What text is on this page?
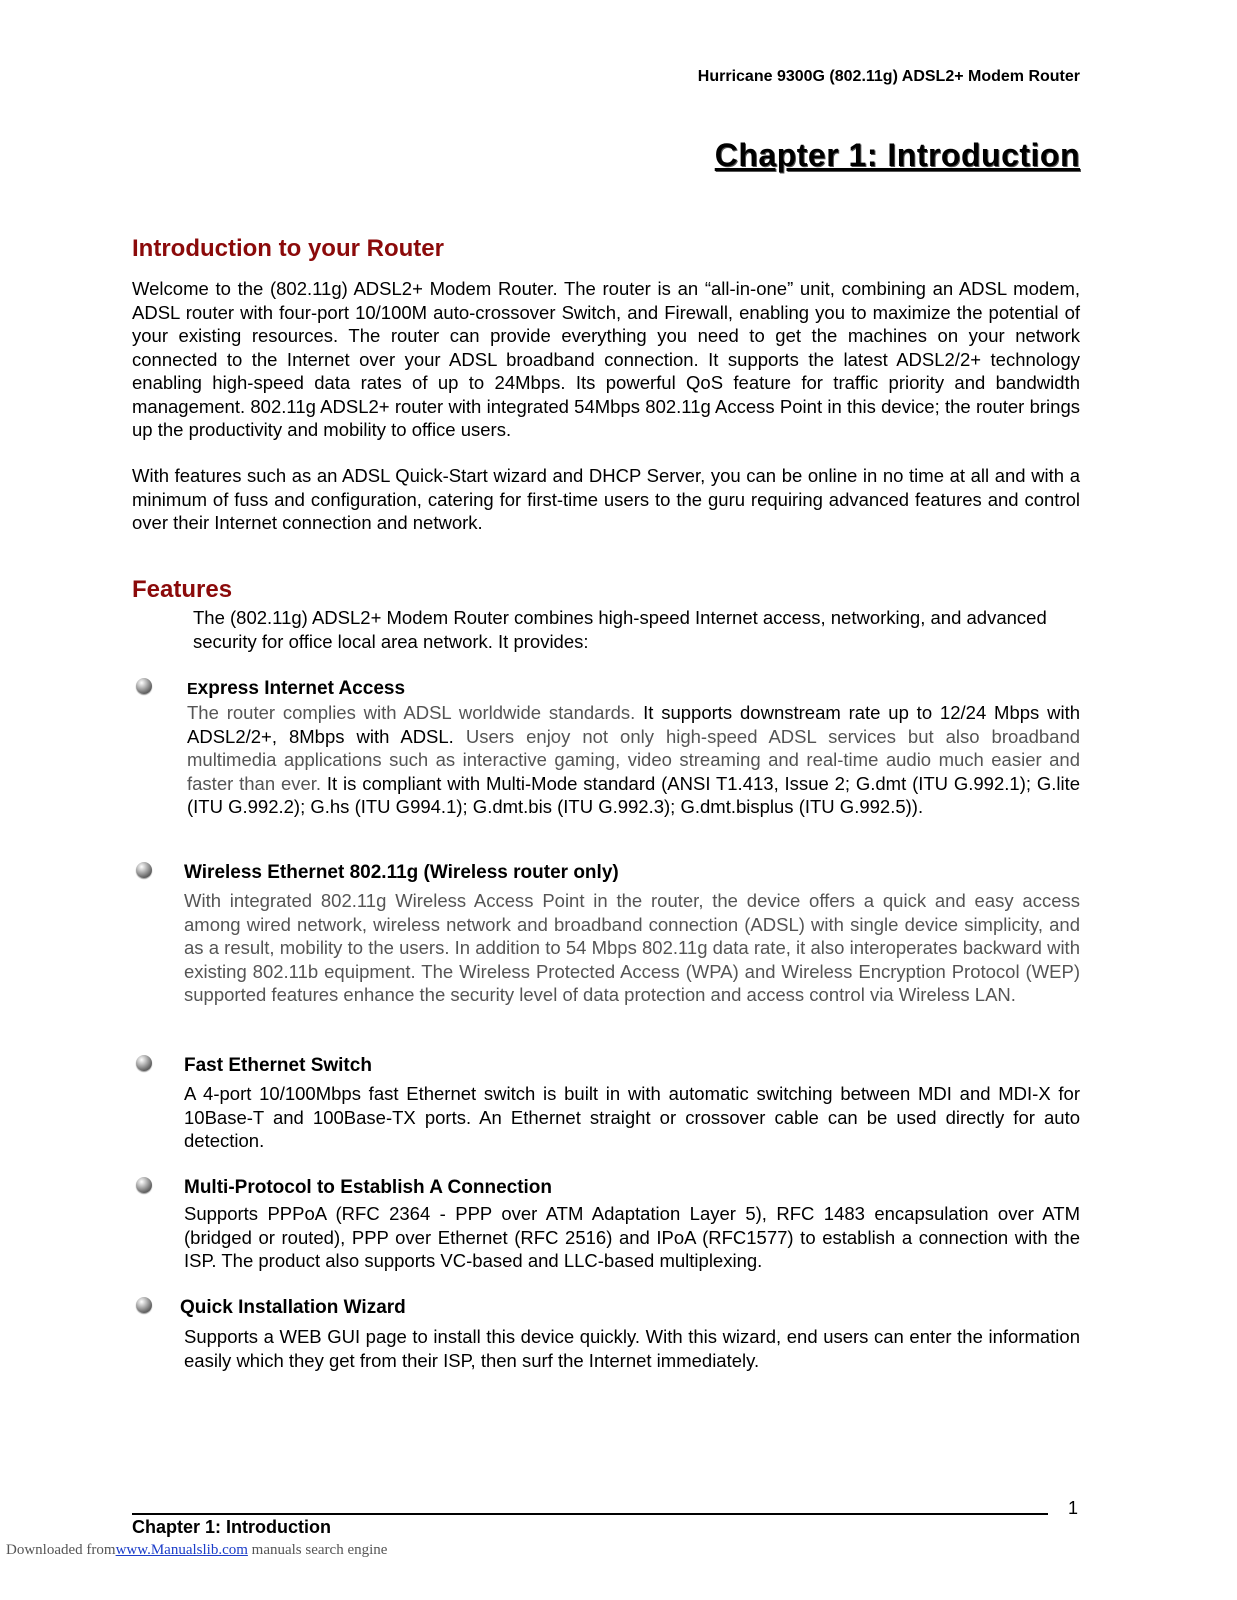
Hurricane 9300G (802.11g) ADSL2+ Modem Router
Chapter 1: Introduction
Introduction to your Router

Welcome to the (802.11g) ADSL2+ Modem Router. The router is an “all-in-one” unit, combining an ADSL modem, ADSL router with four-port 10/100M auto-crossover Switch, and Firewall, enabling you to maximize the potential of your existing resources. The router can provide everything you need to get the machines on your network connected to the Internet over your ADSL broadband connection. It supports the latest ADSL2/2+ technology enabling high-speed data rates of up to 24Mbps. Its powerful QoS feature for traffic priority and bandwidth management. 802.11g ADSL2+ router with integrated 54Mbps 802.11g Access Point in this device; the router brings up the productivity and mobility to office users.

With features such as an ADSL Quick-Start wizard and DHCP Server, you can be online in no time at all and with a minimum of fuss and configuration, catering for first-time users to the guru requiring advanced features and control over their Internet connection and network.

Features

The (802.11g) ADSL2+ Modem Router combines high-speed Internet access, networking, and advanced security for office local area network. It provides:

Express Internet Access

The router complies with ADSL worldwide standards. It supports downstream rate up to 12/24 Mbps with ADSL2/2+, 8Mbps with ADSL. Users enjoy not only high-speed ADSL services but also broadband multimedia applications such as interactive gaming, video streaming and real-time audio much easier and faster than ever. It is compliant with Multi-Mode standard (ANSI T1.413, Issue 2; G.dmt (ITU G.992.1); G.lite (ITU G.992.2); G.hs (ITU G994.1); G.dmt.bis (ITU G.992.3); G.dmt.bisplus (ITU G.992.5)).

Wireless Ethernet 802.11g (Wireless router only)

With integrated 802.11g Wireless Access Point in the router, the device offers a quick and easy access among wired network, wireless network and broadband connection (ADSL) with single device simplicity, and as a result, mobility to the users. In addition to 54 Mbps 802.11g data rate, it also interoperates backward with existing 802.11b equipment. The Wireless Protected Access (WPA) and Wireless Encryption Protocol (WEP) supported features enhance the security level of data protection and access control via Wireless LAN.

Fast Ethernet Switch

A 4-port 10/100Mbps fast Ethernet switch is built in with automatic switching between MDI and MDI-X for 10Base-T and 100Base-TX ports. An Ethernet straight or crossover cable can be used directly for auto detection.

Multi-Protocol to Establish A Connection

Supports PPPoA (RFC 2364 - PPP over ATM Adaptation Layer 5), RFC 1483 encapsulation over ATM (bridged or routed), PPP over Ethernet (RFC 2516) and IPoA (RFC1577) to establish a connection with the ISP. The product also supports VC-based and LLC-based multiplexing.

Quick Installation Wizard

Supports a WEB GUI page to install this device quickly. With this wizard, end users can enter the information easily which they get from their ISP, then surf the Internet immediately.

1
Chapter 1: Introduction
Downloaded fromwww.Manualslib.com manuals search engine
